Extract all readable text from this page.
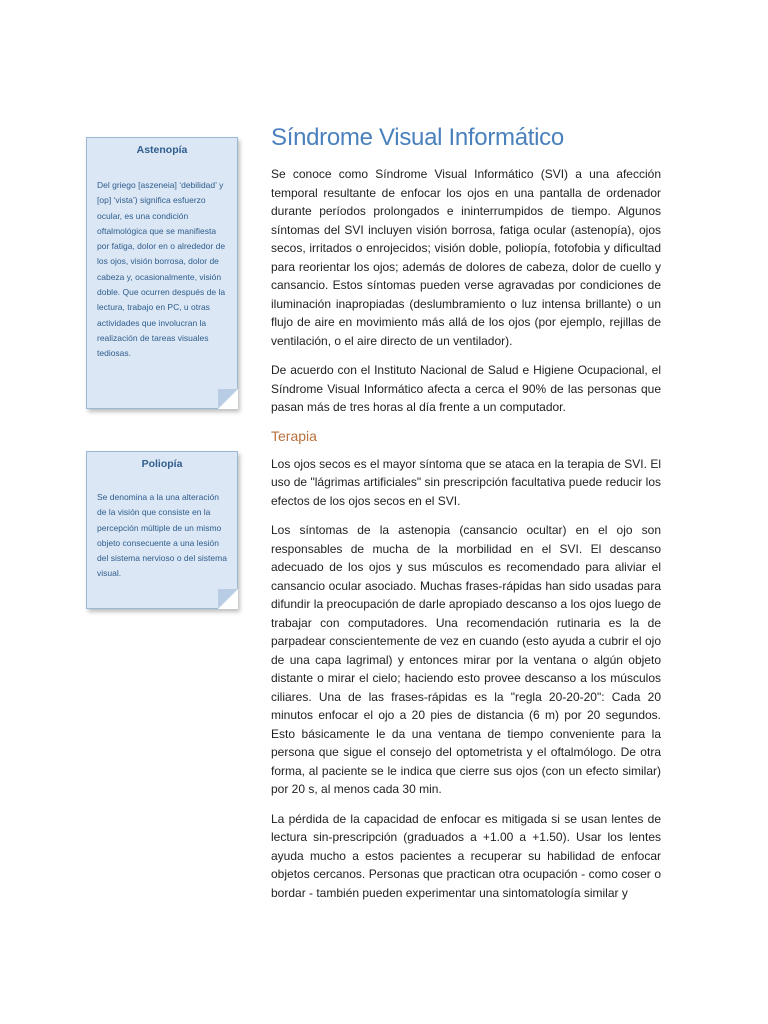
Astenopía

Del griego [aszeneia] ‘debilidad’ y [op] ‘vista’) significa esfuerzo ocular, es una condición oftalmológica que se manifiesta por fatiga, dolor en o alrededor de los ojos, visión borrosa, dolor de cabeza y, ocasionalmente, visión doble. Que ocurren después de la lectura, trabajo en PC, u otras actividades que involucran la realización de tareas visuales tediosas.

Poliopía

Se denomina a la una alteración de la visión que consiste en la percepción múltiple de un mismo objeto consecuente a una lesión del sistema nervioso o del sistema visual.

Síndrome Visual Informático

Se conoce como Síndrome Visual Informático (SVI) a una afección temporal resultante de enfocar los ojos en una pantalla de ordenador durante períodos prolongados e ininterrumpidos de tiempo. Algunos síntomas del SVI incluyen visión borrosa, fatiga ocular (astenopía), ojos secos, irritados o enrojecidos; visión doble, poliopía, fotofobia y dificultad para reorientar los ojos; además de dolores de cabeza, dolor de cuello y cansancio. Estos síntomas pueden verse agravadas por condiciones de iluminación inapropiadas (deslumbramiento o luz intensa brillante) o un flujo de aire en movimiento más allá de los ojos (por ejemplo, rejillas de ventilación, o el aire directo de un ventilador).

De acuerdo con el Instituto Nacional de Salud e Higiene Ocupacional, el Síndrome Visual Informático afecta a cerca el 90% de las personas que pasan más de tres horas al día frente a un computador.

Terapia

Los ojos secos es el mayor síntoma que se ataca en la terapia de SVI. El uso de "lágrimas artificiales" sin prescripción facultativa puede reducir los efectos de los ojos secos en el SVI.

Los síntomas de la astenopia (cansancio ocultar) en el ojo son responsables de mucha de la morbilidad en el SVI. El descanso adecuado de los ojos y sus músculos es recomendado para aliviar el cansancio ocular asociado. Muchas frases-rápidas han sido usadas para difundir la preocupación de darle apropiado descanso a los ojos luego de trabajar con computadores. Una recomendación rutinaria es la de parpadear conscientemente de vez en cuando (esto ayuda a cubrir el ojo de una capa lagrimal) y entonces mirar por la ventana o algún objeto distante o mirar el cielo; haciendo esto provee descanso a los músculos ciliares. Una de las frases-rápidas es la "regla 20-20-20": Cada 20 minutos enfocar el ojo a 20 pies de distancia (6 m) por 20 segundos. Esto básicamente le da una ventana de tiempo conveniente para la persona que sigue el consejo del optometrista y el oftalmólogo. De otra forma, al paciente se le indica que cierre sus ojos (con un efecto similar) por 20 s, al menos cada 30 min.

La pérdida de la capacidad de enfocar es mitigada si se usan lentes de lectura sin-prescripción (graduados a +1.00 a +1.50). Usar los lentes ayuda mucho a estos pacientes a recuperar su habilidad de enfocar objetos cercanos. Personas que practican otra ocupación - como coser o bordar - también pueden experimentar una sintomatología similar y
